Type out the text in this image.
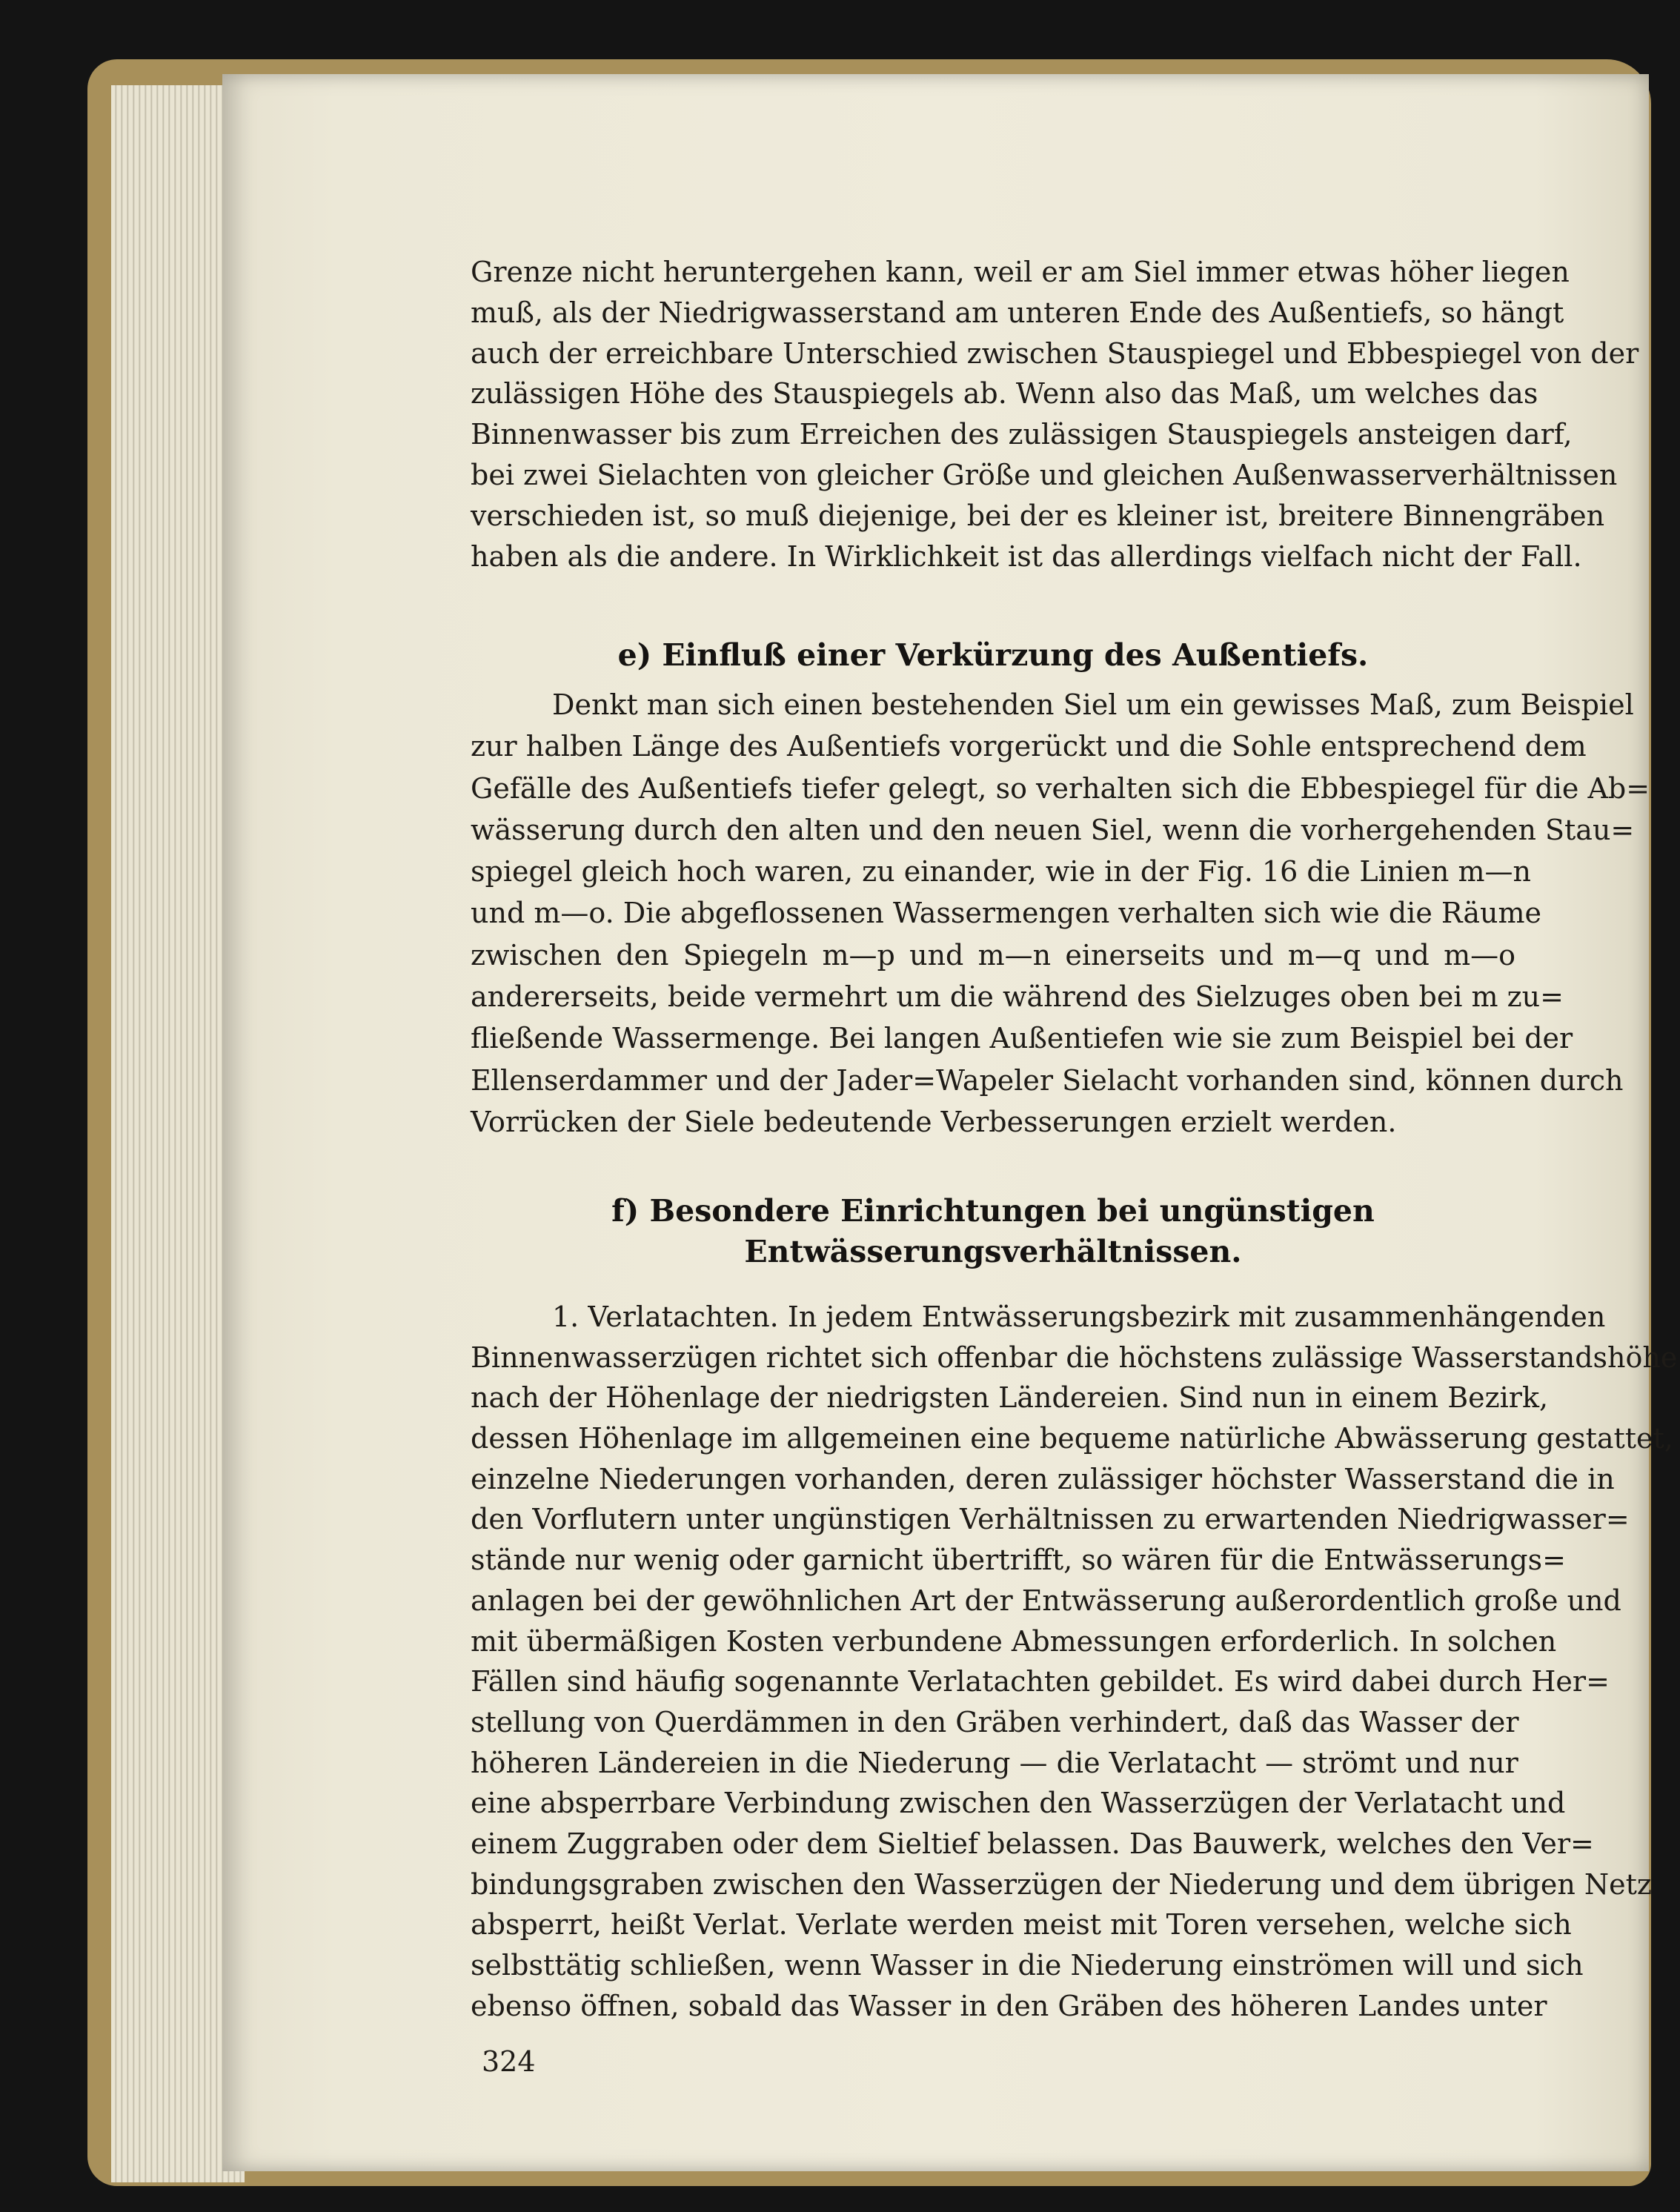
Grenze nicht heruntergehen kann, weil er am Siel immer etwas höher liegen
muß, als der Niedrigwasserstand am unteren Ende des Außentiefs, so hängt
auch der erreichbare Unterschied zwischen Stauspiegel und Ebbespiegel von der
zulässigen Höhe des Stauspiegels ab. Wenn also das Maß, um welches das
Binnenwasser bis zum Erreichen des zulässigen Stauspiegels ansteigen darf,
bei zwei Sielachten von gleicher Größe und gleichen Außenwasserverhältnissen
verschieden ist, so muß diejenige, bei der es kleiner ist, breitere Binnengräben
haben als die andere. In Wirklichkeit ist das allerdings vielfach nicht der Fall.
e) Einfluß einer Verkürzung des Außentiefs.
Denkt man sich einen bestehenden Siel um ein gewisses Maß, zum Beispiel
zur halben Länge des Außentiefs vorgerückt und die Sohle entsprechend dem
Gefälle des Außentiefs tiefer gelegt, so verhalten sich die Ebbespiegel für die Ab=
wässerung durch den alten und den neuen Siel, wenn die vorhergehenden Stau=
spiegel gleich hoch waren, zu einander, wie in der Fig. 16 die Linien m—n
und m—o. Die abgeflossenen Wassermengen verhalten sich wie die Räume
zwischen den Spiegeln m—p und m—n einerseits und m—q und m—o
andererseits, beide vermehrt um die während des Sielzuges oben bei m zu=
fließende Wassermenge. Bei langen Außentiefen wie sie zum Beispiel bei der
Ellenserdammer und der Jader=Wapeler Sielacht vorhanden sind, können durch
Vorrücken der Siele bedeutende Verbesserungen erzielt werden.
f) Besondere Einrichtungen bei ungünstigen
Entwässerungsverhältnissen.
1. Verlatachten. In jedem Entwässerungsbezirk mit zusammenhängenden
Binnenwasserzügen richtet sich offenbar die höchstens zulässige Wasserstandshöhe
nach der Höhenlage der niedrigsten Ländereien. Sind nun in einem Bezirk,
dessen Höhenlage im allgemeinen eine bequeme natürliche Abwässerung gestattet,
einzelne Niederungen vorhanden, deren zulässiger höchster Wasserstand die in
den Vorflutern unter ungünstigen Verhältnissen zu erwartenden Niedrigwasser=
stände nur wenig oder garnicht übertrifft, so wären für die Entwässerungs=
anlagen bei der gewöhnlichen Art der Entwässerung außerordentlich große und
mit übermäßigen Kosten verbundene Abmessungen erforderlich. In solchen
Fällen sind häufig sogenannte Verlatachten gebildet. Es wird dabei durch Her=
stellung von Querdämmen in den Gräben verhindert, daß das Wasser der
höheren Ländereien in die Niederung — die Verlatacht — strömt und nur
eine absperrbare Verbindung zwischen den Wasserzügen der Verlatacht und
einem Zuggraben oder dem Sieltief belassen. Das Bauwerk, welches den Ver=
bindungsgraben zwischen den Wasserzügen der Niederung und dem übrigen Netz
absperrt, heißt Verlat. Verlate werden meist mit Toren versehen, welche sich
selbsttätig schließen, wenn Wasser in die Niederung einströmen will und sich
ebenso öffnen, sobald das Wasser in den Gräben des höheren Landes unter
324
